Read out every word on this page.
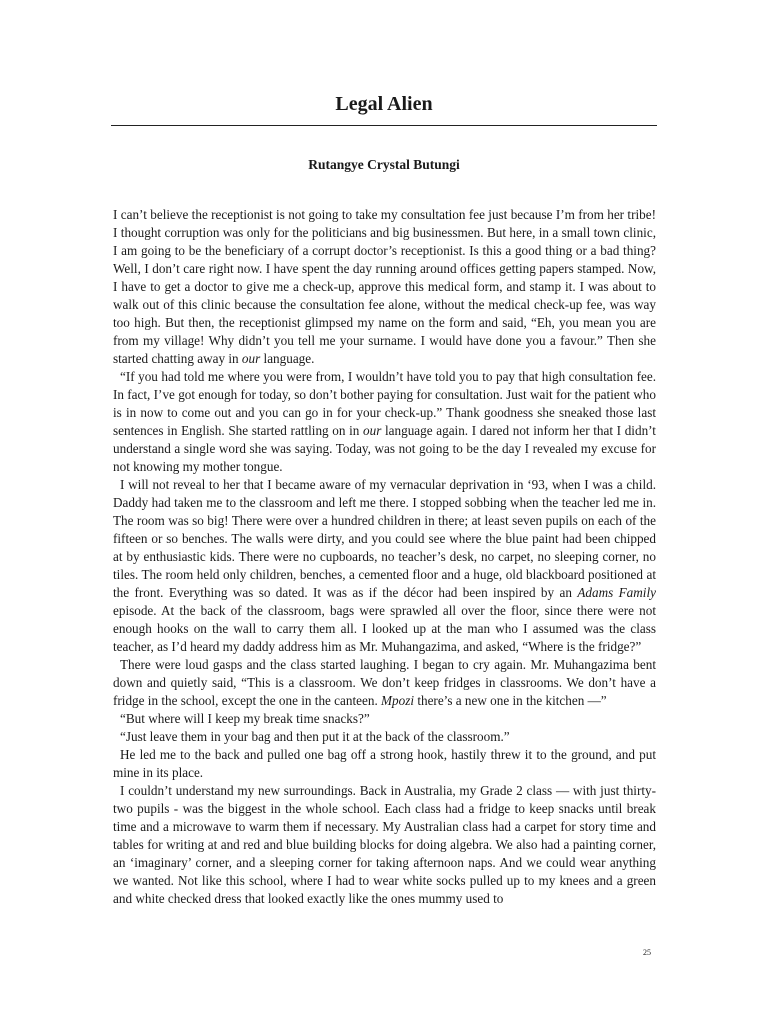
Legal Alien
Rutangye Crystal Butungi

I can’t believe the receptionist is not going to take my consultation fee just because I’m from her tribe! I thought corruption was only for the politicians and big businessmen. But here, in a small town clinic, I am going to be the beneficiary of a corrupt doctor’s receptionist. Is this a good thing or a bad thing? Well, I don’t care right now. I have spent the day running around offices getting papers stamped. Now, I have to get a doctor to give me a check-up, approve this medical form, and stamp it. I was about to walk out of this clinic because the consultation fee alone, without the medical check-up fee, was way too high. But then, the receptionist glimpsed my name on the form and said, “Eh, you mean you are from my village! Why didn’t you tell me your surname. I would have done you a favour.” Then she started chatting away in our language.

“If you had told me where you were from, I wouldn’t have told you to pay that high consultation fee. In fact, I’ve got enough for today, so don’t bother paying for consultation. Just wait for the patient who is in now to come out and you can go in for your check-up.” Thank goodness she sneaked those last sentences in English. She started rattling on in our language again. I dared not inform her that I didn’t understand a single word she was saying. Today, was not going to be the day I revealed my excuse for not knowing my mother tongue.

I will not reveal to her that I became aware of my vernacular deprivation in ‘93, when I was a child. Daddy had taken me to the classroom and left me there. I stopped sobbing when the teacher led me in. The room was so big! There were over a hundred children in there; at least seven pupils on each of the fifteen or so benches. The walls were dirty, and you could see where the blue paint had been chipped at by enthusiastic kids. There were no cupboards, no teacher’s desk, no carpet, no sleeping corner, no tiles. The room held only children, benches, a cemented floor and a huge, old blackboard positioned at the front. Everything was so dated. It was as if the décor had been inspired by an Adams Family episode. At the back of the classroom, bags were sprawled all over the floor, since there were not enough hooks on the wall to carry them all. I looked up at the man who I assumed was the class teacher, as I’d heard my daddy address him as Mr. Muhangazima, and asked, “Where is the fridge?”

There were loud gasps and the class started laughing. I began to cry again. Mr. Muhangazima bent down and quietly said, “This is a classroom. We don’t keep fridges in classrooms. We don’t have a fridge in the school, except the one in the canteen. Mpozi there’s a new one in the kitchen —”

“But where will I keep my break time snacks?”

“Just leave them in your bag and then put it at the back of the classroom.”

He led me to the back and pulled one bag off a strong hook, hastily threw it to the ground, and put mine in its place.

I couldn’t understand my new surroundings. Back in Australia, my Grade 2 class — with just thirty-two pupils - was the biggest in the whole school. Each class had a fridge to keep snacks until break time and a microwave to warm them if necessary. My Australian class had a carpet for story time and tables for writing at and red and blue building blocks for doing algebra. We also had a painting corner, an ‘imaginary’ corner, and a sleeping corner for taking afternoon naps. And we could wear anything we wanted. Not like this school, where I had to wear white socks pulled up to my knees and a green and white checked dress that looked exactly like the ones mummy used to

25
